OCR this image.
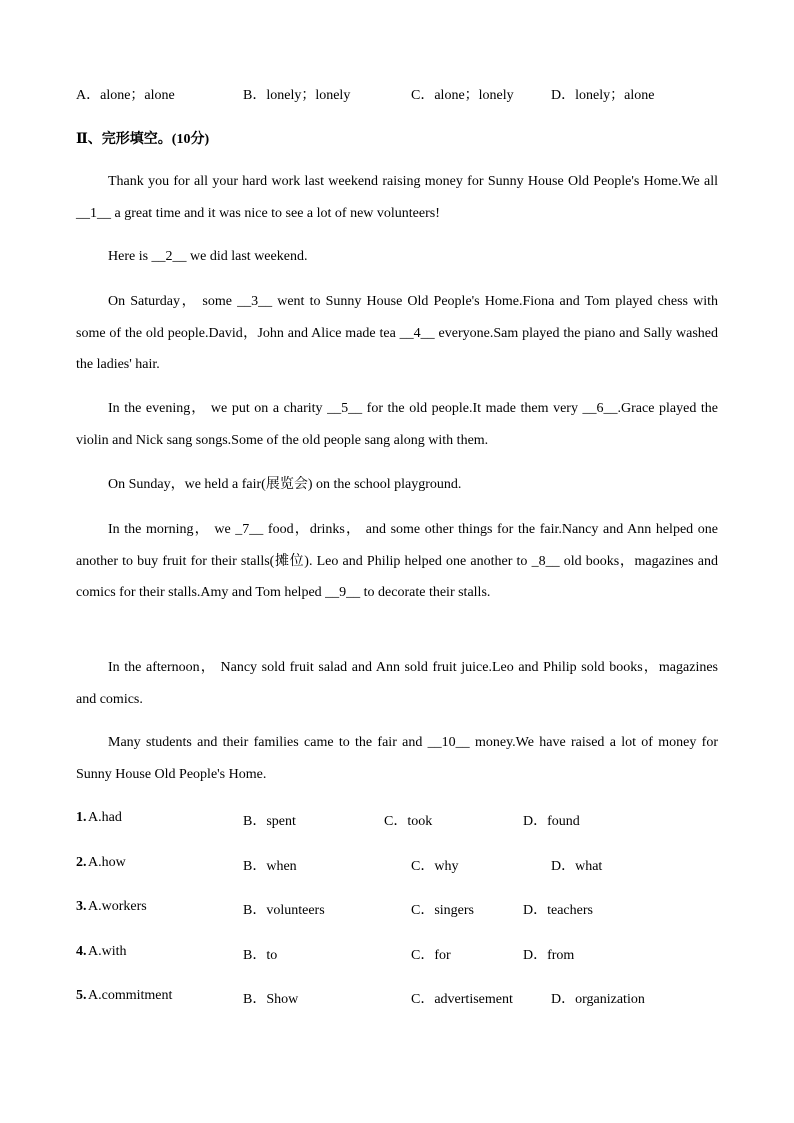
A．alone；alone	B．lonely；lonely	C．alone；lonely	D．lonely；alone
Ⅱ、完形填空。(10分)
Thank you for all your hard work last weekend raising money for Sunny House Old People's Home.We all __1__ a great time and it was nice to see a lot of new volunteers!
Here is __2__ we did last weekend.
On Saturday， some __3__ went to Sunny House Old People's Home.Fiona and Tom played chess with some of the old people.David，John and Alice made tea __4__ everyone.Sam played the piano and Sally washed the ladies' hair.
In the evening， we put on a charity __5__ for the old people.It made them very __6__.Grace played the violin and Nick sang songs.Some of the old people sang along with them.
On Sunday，we held a fair(展览会) on the school playground.
In the morning， we _7__ food，drinks， and some other things for the fair.Nancy and Ann helped one another to buy fruit for their stalls(摊位). Leo and Philip helped one another to _8__ old books，magazines and comics for their stalls.Amy and Tom helped __9__ to decorate their stalls.
In the afternoon， Nancy sold fruit salad and Ann sold fruit juice.Leo and Philip sold books，magazines and comics.
Many students and their families came to the fair and __10__ money.We have raised a lot of money for Sunny House Old People's Home.
1. A.had	B．spent	C．took	D．found
2. A.how	B．when	C．why	D．what
3. A.workers	B．volunteers	C．singers	D．teachers
4. A.with	B．to	C．for	D．from
5. A.commitment	B．Show	C．advertisement	D．organization
